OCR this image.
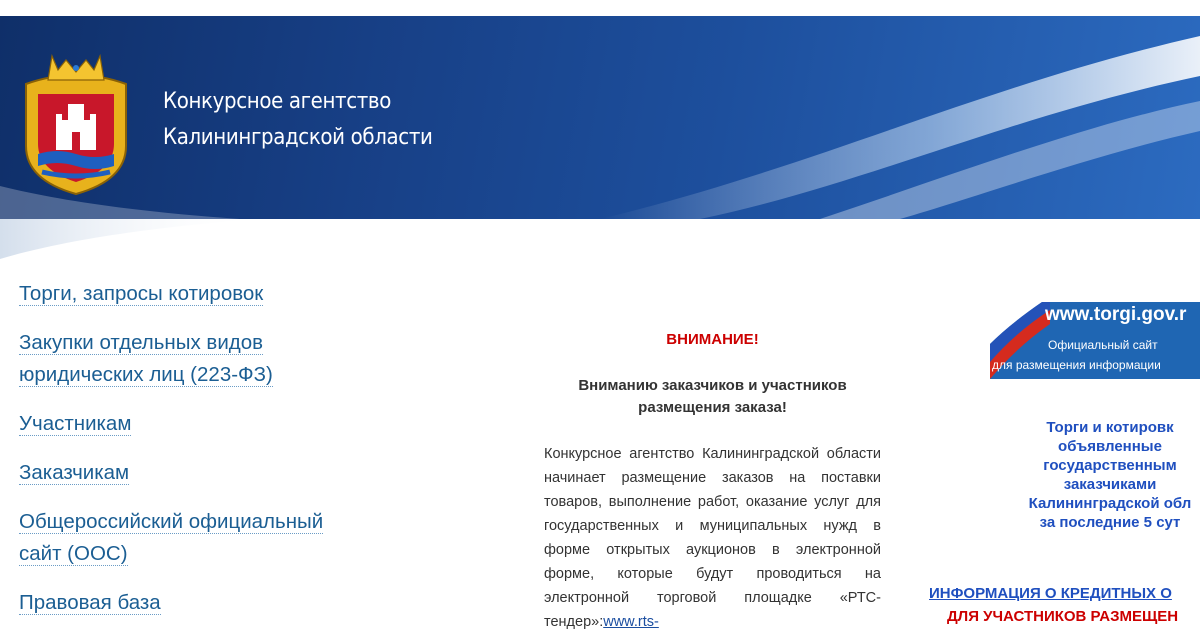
Конкурсное агентство
Калининградской области
Торги, запросы котировок
Закупки отдельных видов
юридических лиц (223-ФЗ)
Участникам
Заказчикам
Общероссийский официальный
сайт (ООС)
Правовая база
ВНИМАНИЕ!
Вниманию заказчиков и участников
размещения заказа!

Конкурсное агентство Калининградской области начинает размещение заказов на поставки товаров, выполнение работ, оказание услуг для государственных и муниципальных нужд в форме открытых аукционов в электронной форме, которые будут проводиться на электронной торговой площадке «РТС-тендер»:www.rts-

www.torgi.gov.r
Официальный сайт
для размещения информации
Торги и котировк
объявленные
государственным
заказчиками
Калининградской обл
за последние 5 сут
ИНФОРМАЦИЯ О КРЕДИТНЫХ О
ДЛЯ УЧАСТНИКОВ РАЗМЕЩЕН
